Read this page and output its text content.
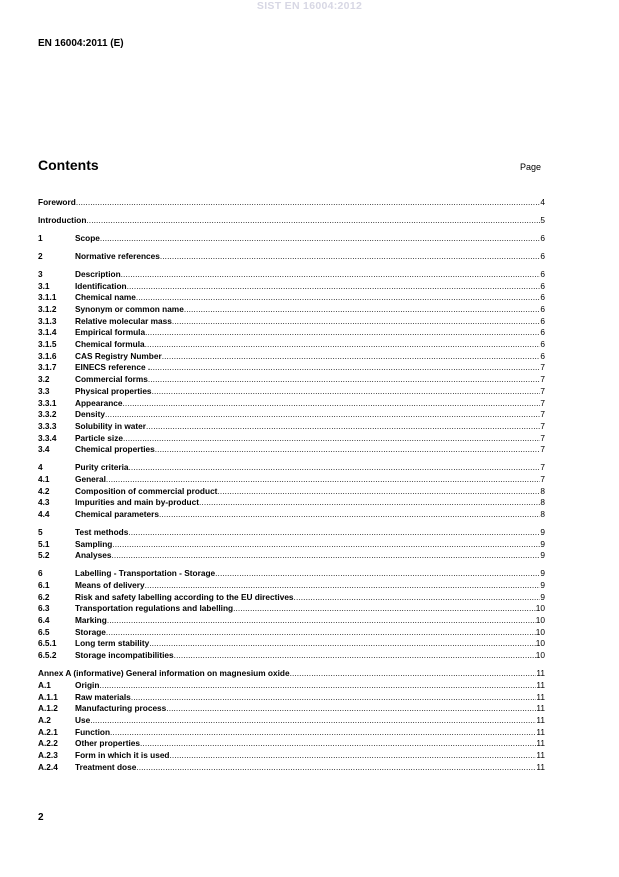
SIST EN 16004:2012
EN 16004:2011 (E)
Contents	Page
Foreword .....	4
Introduction .....	5
1	Scope .....	6
2	Normative references .....	6
3	Description .....	6
3.1	Identification .....	6
3.1.1	Chemical name .....	6
3.1.2	Synonym or common name .....	6
3.1.3	Relative molecular mass .....	6
3.1.4	Empirical formula .....	6
3.1.5	Chemical formula .....	6
3.1.6	CAS Registry Number .....	6
3.1.7	EINECS reference . .....	7
3.2	Commercial forms .....	7
3.3	Physical properties .....	7
3.3.1	Appearance .....	7
3.3.2	Density .....	7
3.3.3	Solubility in water .....	7
3.3.4	Particle size .....	7
3.4	Chemical properties .....	7
4	Purity criteria .....	7
4.1	General .....	7
4.2	Composition of commercial product .....	8
4.3	Impurities and main by-product .....	8
4.4	Chemical parameters .....	8
5	Test methods .....	9
5.1	Sampling .....	9
5.2	Analyses .....	9
6	Labelling - Transportation - Storage .....	9
6.1	Means of delivery .....	9
6.2	Risk and safety labelling according to the EU directives .....	9
6.3	Transportation regulations and labelling .....	10
6.4	Marking .....	10
6.5	Storage .....	10
6.5.1	Long term stability .....	10
6.5.2	Storage incompatibilities .....	10
Annex A (informative) General information on magnesium oxide .....	11
A.1	Origin .....	11
A.1.1	Raw materials .....	11
A.1.2	Manufacturing process .....	11
A.2	Use .....	11
A.2.1	Function .....	11
A.2.2	Other properties .....	11
A.2.3	Form in which it is used .....	11
A.2.4	Treatment dose .....	11
2
